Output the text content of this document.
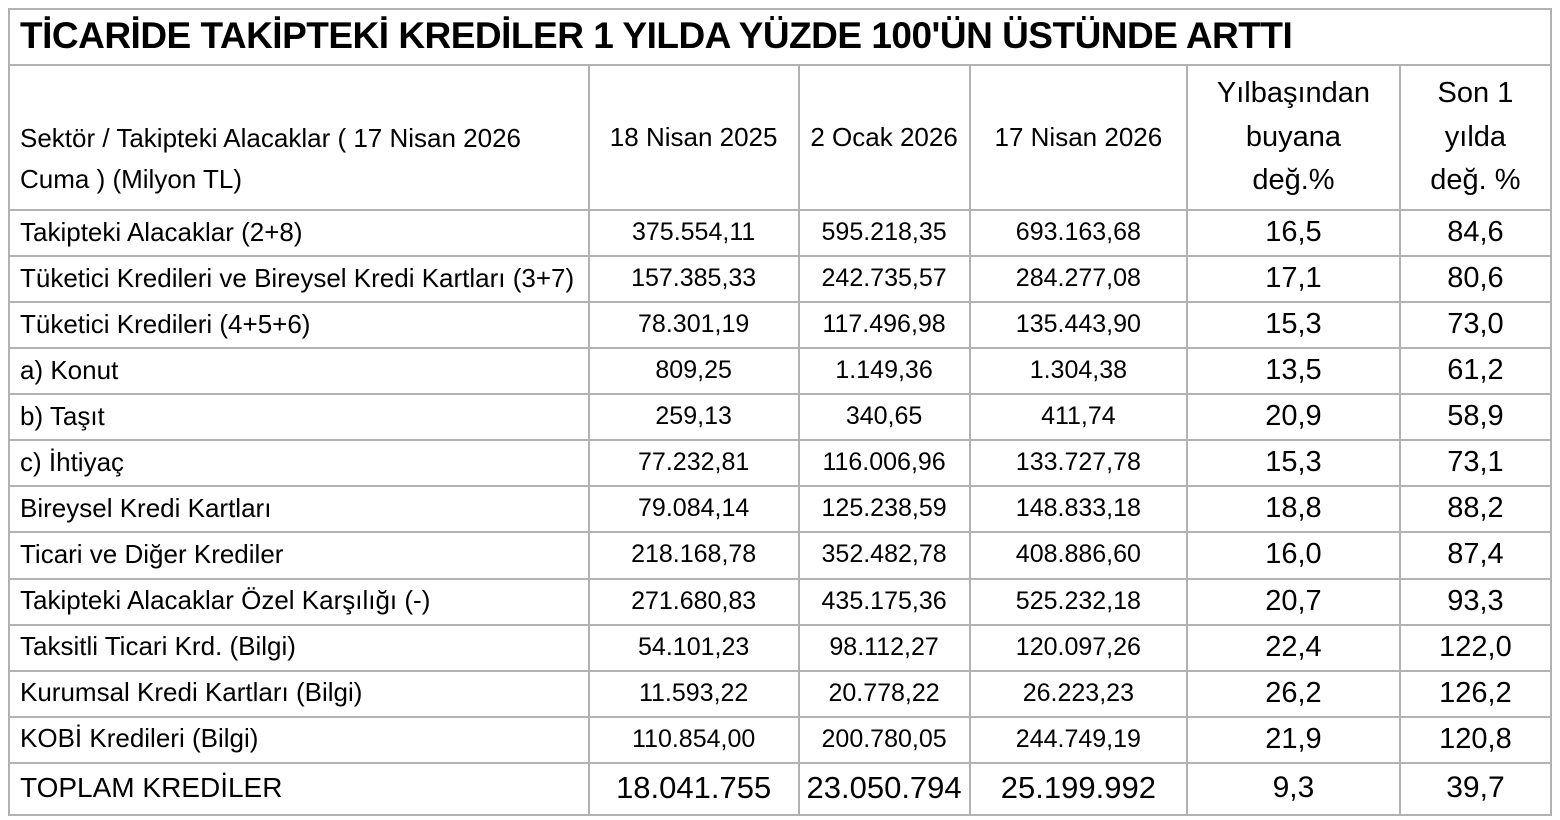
TİCARİDE TAKİPTEKİ KREDİLER 1 YILDA YÜZDE 100'ÜN ÜSTÜNDE ARTTI					
Sektör / Takipteki Alacaklar ( 17 Nisan 2026 Cuma ) (Milyon TL)	18 Nisan 2025	2 Ocak 2026	17 Nisan 2026	Yılbaşından buyana değ.%	Son 1 yılda değ. %
Takipteki Alacaklar (2+8)	375.554,11	595.218,35	693.163,68	16,5	84,6
Tüketici Kredileri ve Bireysel Kredi Kartları (3+7)	157.385,33	242.735,57	284.277,08	17,1	80,6
Tüketici Kredileri (4+5+6)	78.301,19	117.496,98	135.443,90	15,3	73,0
a) Konut	809,25	1.149,36	1.304,38	13,5	61,2
b) Taşıt	259,13	340,65	411,74	20,9	58,9
c) İhtiyaç	77.232,81	116.006,96	133.727,78	15,3	73,1
Bireysel Kredi Kartları	79.084,14	125.238,59	148.833,18	18,8	88,2
Ticari ve Diğer Krediler	218.168,78	352.482,78	408.886,60	16,0	87,4
Takipteki Alacaklar Özel Karşılığı (-)	271.680,83	435.175,36	525.232,18	20,7	93,3
Taksitli Ticari Krd. (Bilgi)	54.101,23	98.112,27	120.097,26	22,4	122,0
Kurumsal Kredi Kartları (Bilgi)	11.593,22	20.778,22	26.223,23	26,2	126,2
KOBİ Kredileri (Bilgi)	110.854,00	200.780,05	244.749,19	21,9	120,8
TOPLAM KREDİLER	18.041.755	23.050.794	25.199.992	9,3	39,7
